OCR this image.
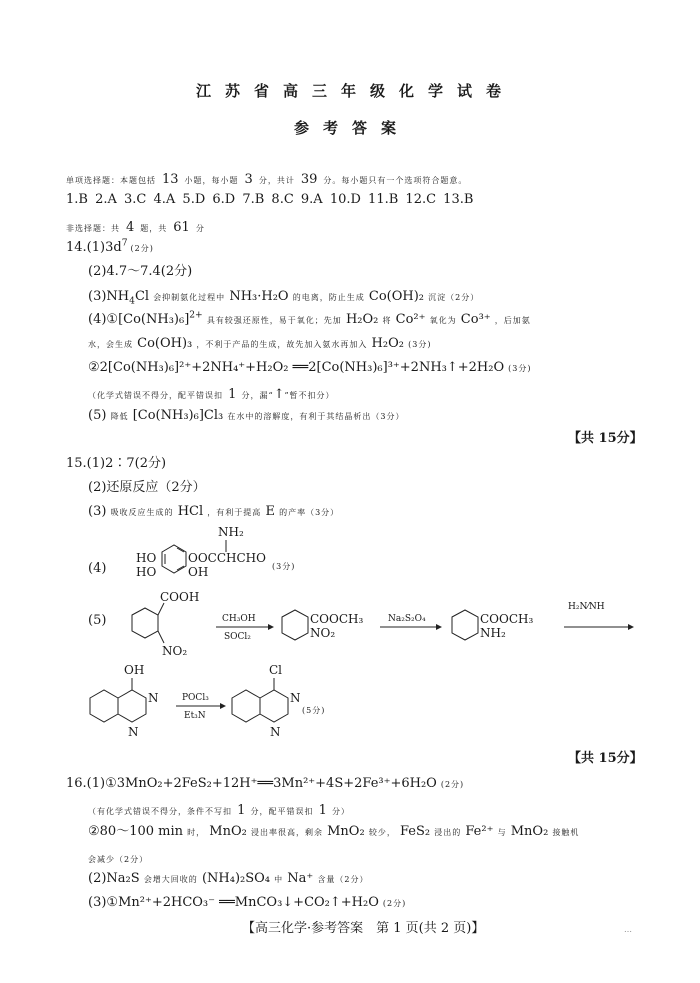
江苏省高三年级化学试卷
参考答案
单项选择题：本题包括 13 小题，每小题 3 分，共计 39 分。每小题只有一个选项符合题意。
1.B 2.A 3.C 4.A 5.D 6.D 7.B 8.C 9.A 10.D 11.B 12.C 13.B
非选择题：共 4 题，共 61 分
$14.(1)3d^7$ (2分)
(2)4.7～7.4(2分)
$(3)NH_4Cl$ 会抑制氨化过程中 NH₃·H₂O 的电离，防止生成 Co(OH)₂ 沉淀（2分）
$(4)①[Co(NH_3)_6]^{2+}$ 具有较强还原性，易于氧化；先加 H₂O₂ 将 Co²⁺ 氧化为 Co³⁺ ，后加氨
水，会生成 Co(OH)₃ ，不利于产品的生成，故先加入氨水再加入 H₂O₂ (3分)
②2[Co(NH₃)₆]²⁺+2NH₄⁺+H₂O₂ ══2[Co(NH₃)₆]³⁺+2NH₃↑+2H₂O (3分)
（化学式错误不得分，配平错误扣 1 分，漏“↑”暂不扣分）
(5) 降低 [Co(NH₃)₆]Cl₃ 在水中的溶解度，有利于其结晶析出（3分）
【共 15分】
15.(1)2∶7(2分)
(2)还原反应（2分）
(3) 吸收反应生成的 HCl ，有利于提高 E 的产率（3分）
(4)
NH₂
HO
HO
OOCCHCHO
OH	(3分)
(5)
COOH
NO₂
CH₃OH
SOCl₂
COOCH₃
NO₂
Na₂S₂O₄	COOCH₃
NH₂
H₂N⁄NH
OH
N
N
POCl₃
Et₃N
Cl
N
N
(5分)
【共 15分】
16.(1)①3MnO₂+2FeS₂+12H⁺══3Mn²⁺+4S+2Fe³⁺+6H₂O (2分)
（有化学式错误不得分，条件不写扣 1 分，配平错误扣 1 分）
②80～100 min 时， MnO₂ 浸出率很高，剩余 MnO₂ 较少， FeS₂ 浸出的 Fe²⁺ 与 MnO₂ 接触机
会减少（2分）
(2)Na₂S 会增大回收的 (NH₄)₂SO₄ 中 Na⁺ 含量（2分）
(3)①Mn²⁺+2HCO₃⁻ ══MnCO₃↓+CO₂↑+H₂O (2分)
【高三化学·参考答案　第 1 页(共 2 页)】	…
